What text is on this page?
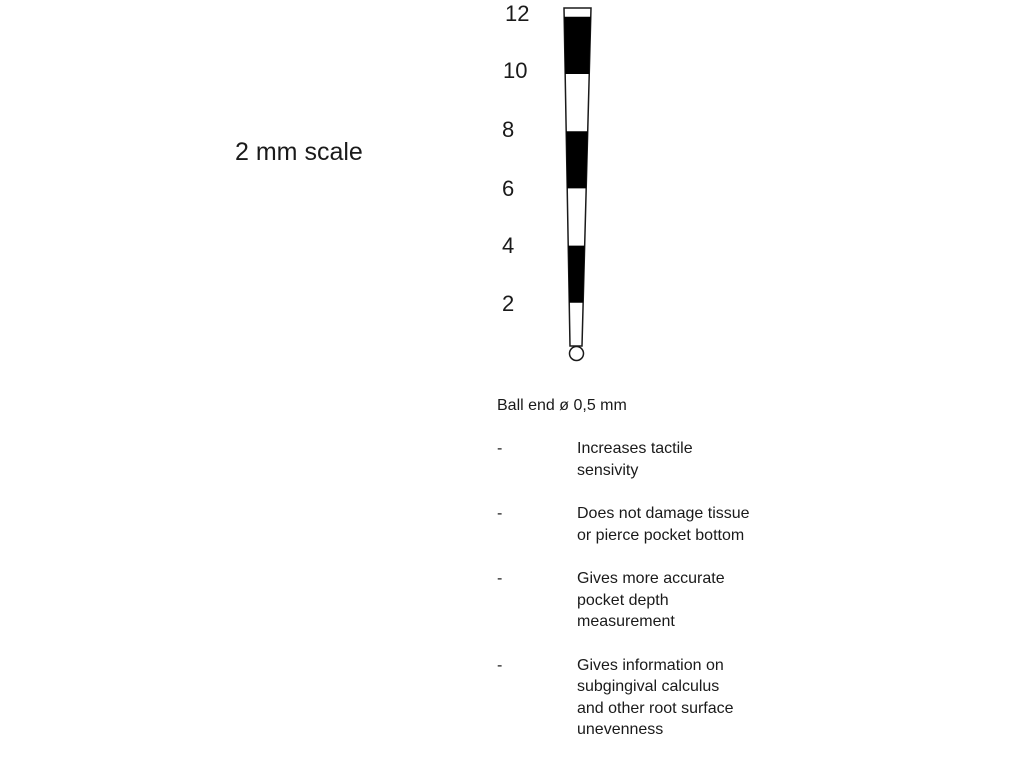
2 mm scale
12
10
8
6
4
2
Ball end ø 0,5 mm
-	Increases tactile
sensivity
-	Does not damage tissue
or pierce pocket bottom
-	Gives more accurate
pocket depth
measurement
-	Gives information on
subgingival calculus
and other root surface
unevenness
